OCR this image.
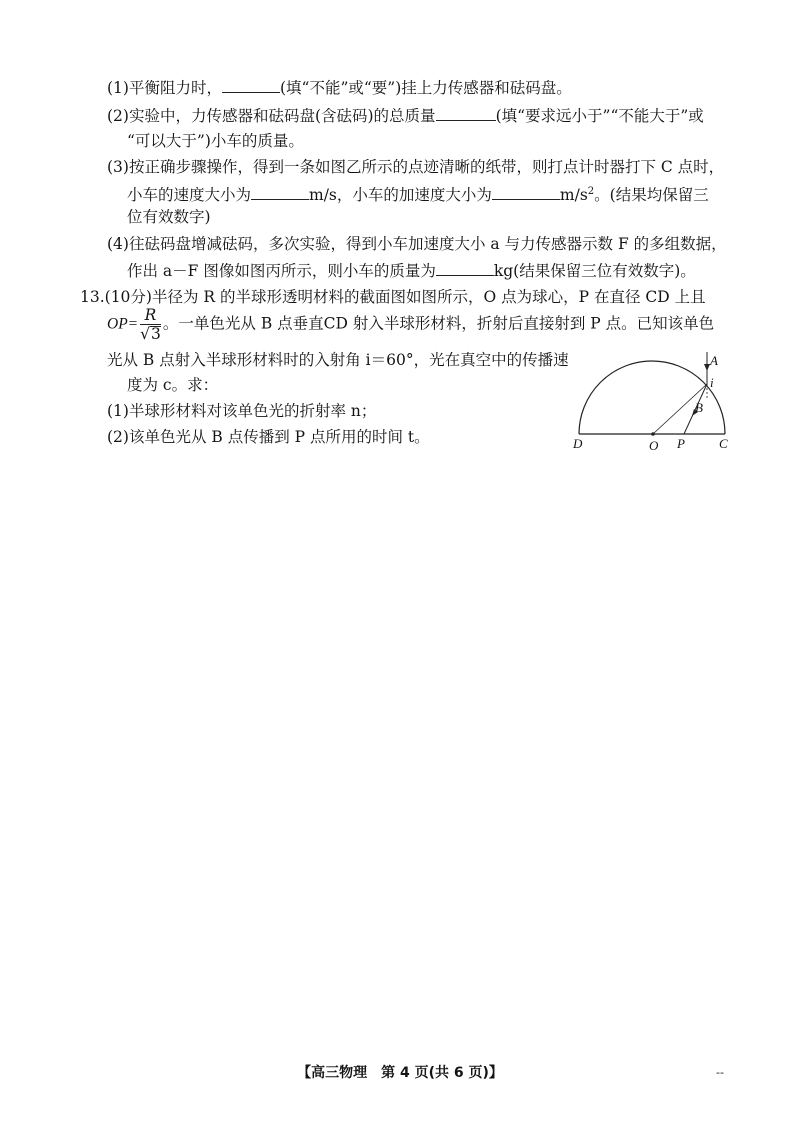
(1)平衡阻力时，	(填“不能”或“要”)挂上力传感器和砝码盘。
(2)实验中，力传感器和砝码盘(含砝码)的总质量	(填“要求远小于”“不能大于”或
“可以大于”)小车的质量。
(3)按正确步骤操作，得到一条如图乙所示的点迹清晰的纸带，则打点计时器打下 C 点时，
小车的速度大小为	m/s，小车的加速度大小为	$m/s^2$。(结果均保留三
位有效数字)
(4)往砝码盘增减砝码，多次实验，得到小车加速度大小 a 与力传感器示数 F 的多组数据，
作出 a－F 图像如图丙所示，则小车的质量为	kg(结果保留三位有效数字)。
13.(10分)半径为 R 的半球形透明材料的截面图如图所示，O 点为球心，P 在直径 CD 上且
$OP= \frac{R}{√3}$ 。一单色光从 B 点垂直CD 射入半球形材料，折射后直接射到 P 点。已知该单色
光从 B 点射入半球形材料时的入射角 i＝60°，光在真空中的传播速
度为 c。求：
(1)半球形材料对该单色光的折射率 n；
(2)该单色光从 B 点传播到 P 点所用的时间 t。
A
i
B
D	O P	C
【高三物理　第 4 页(共 6 页)】	--
